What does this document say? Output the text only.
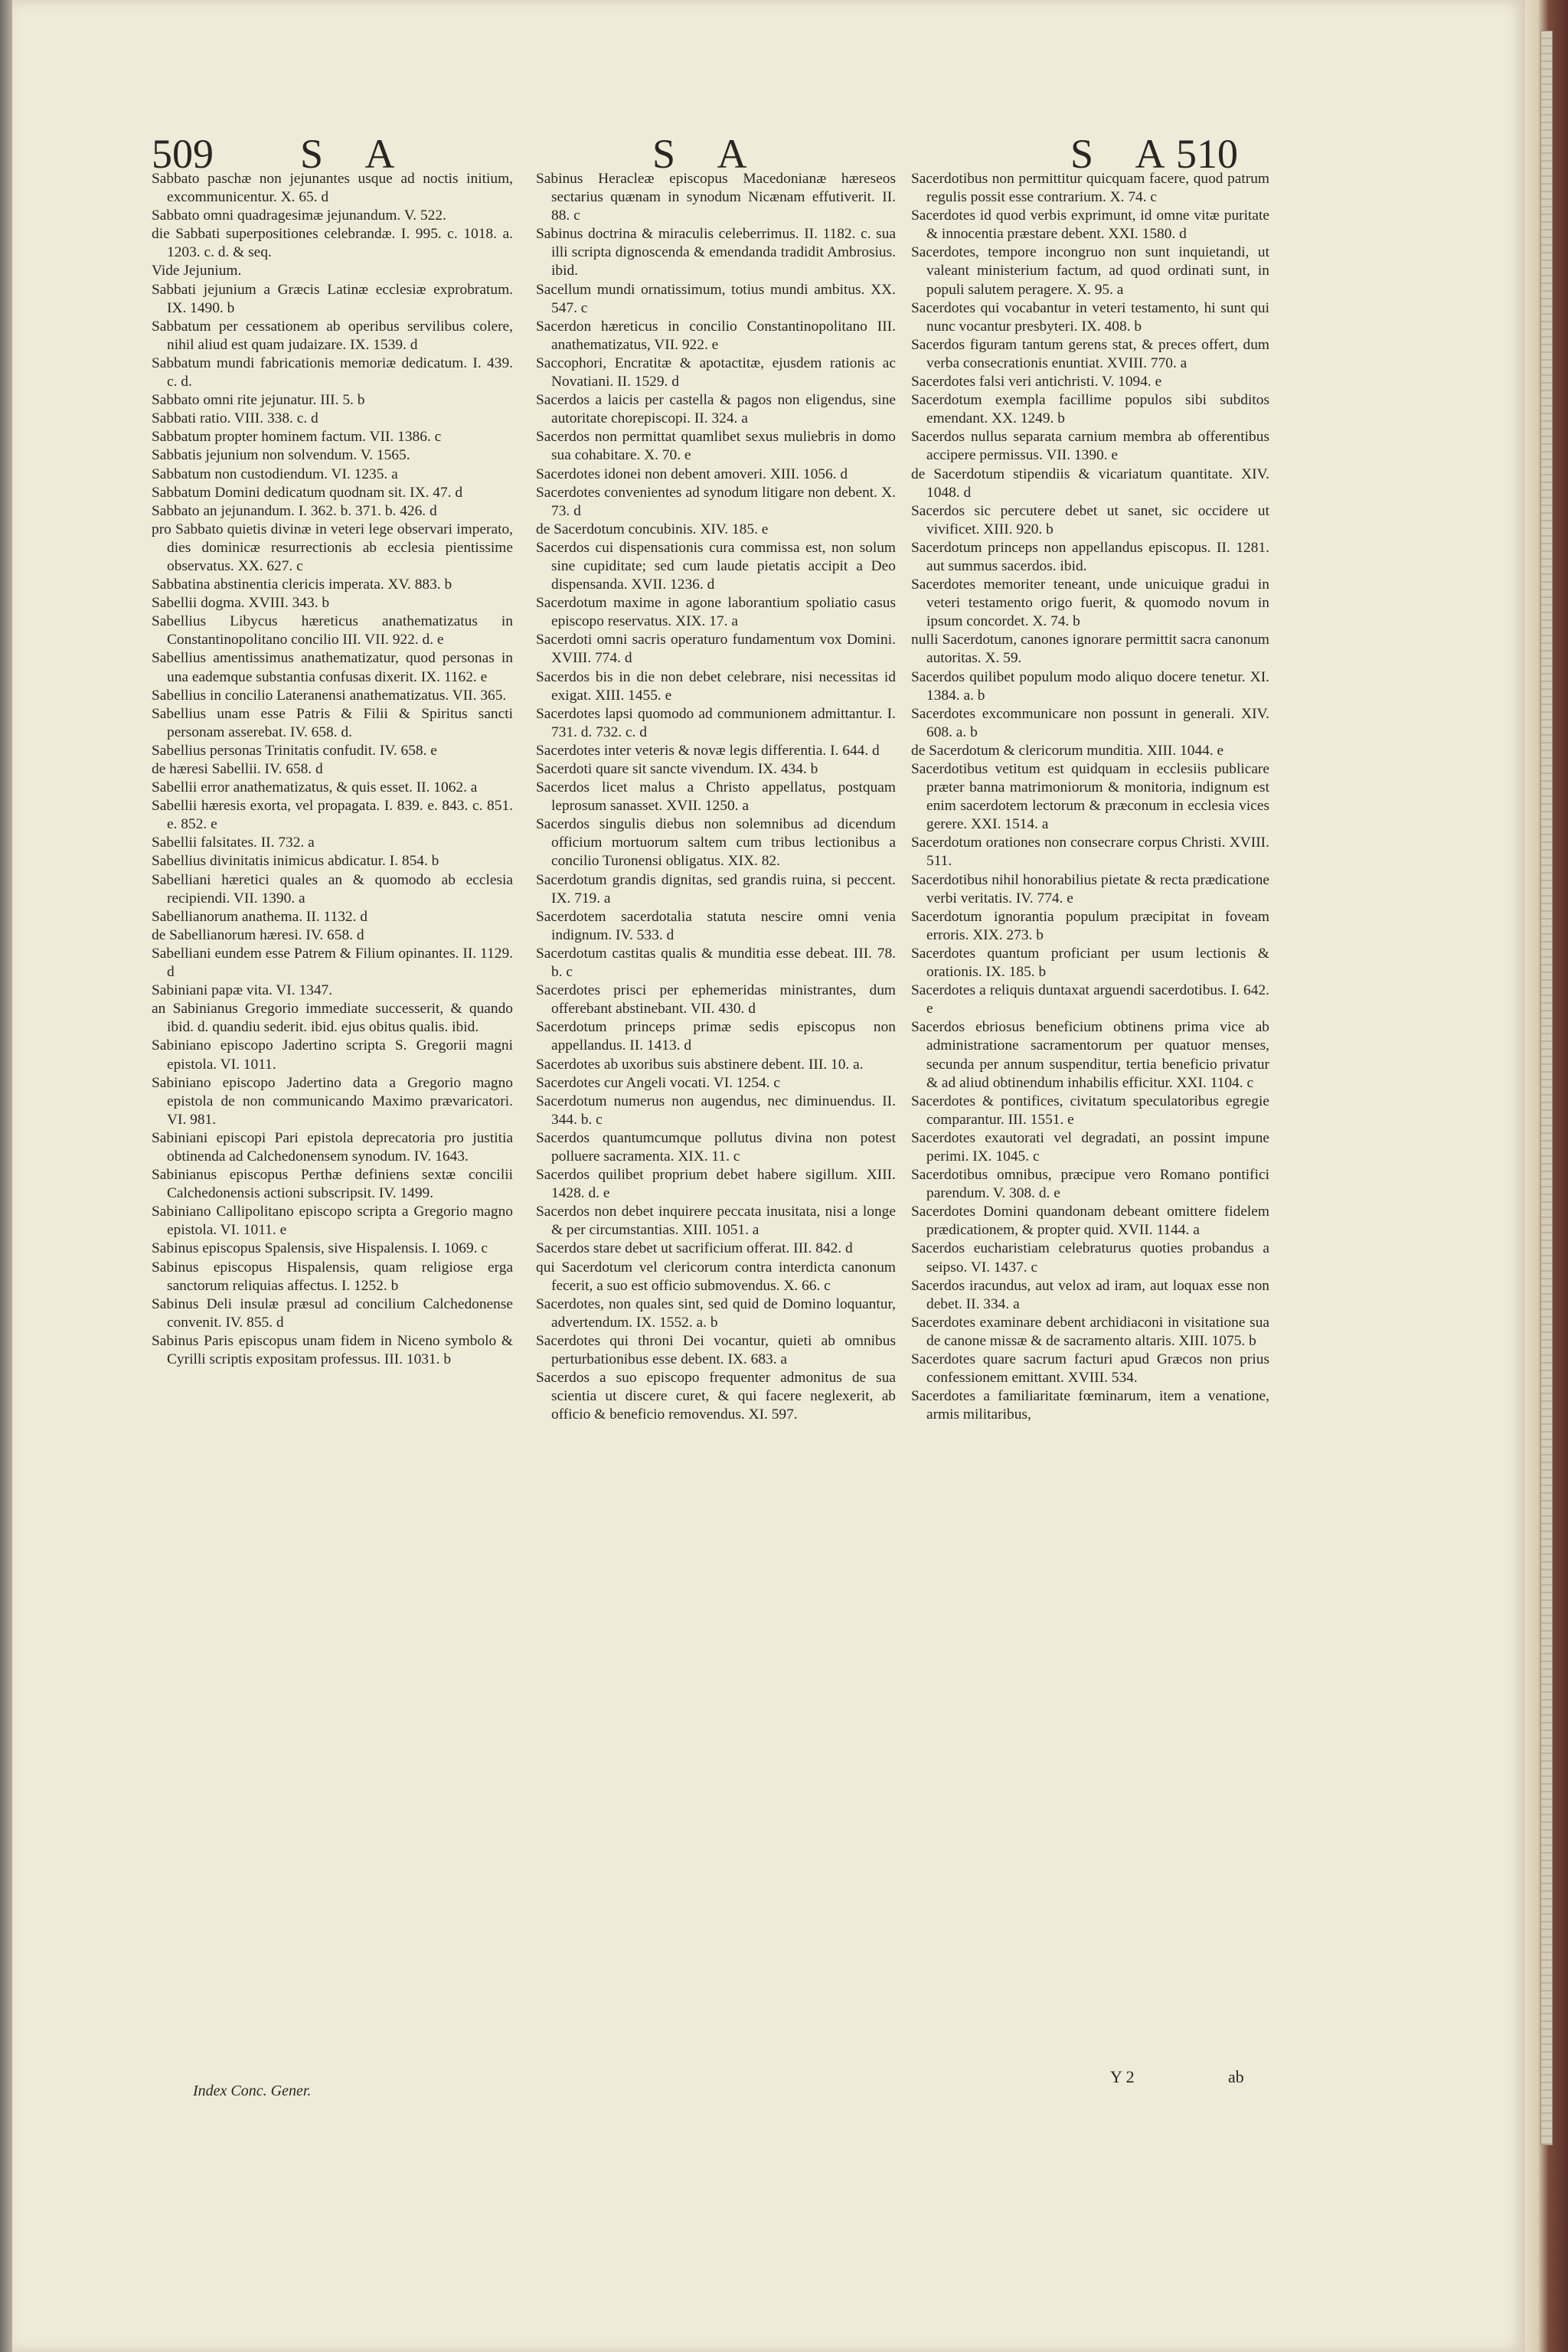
509 S A	S A	S A
510

Sabbato paschæ non jejunantes usque ad noctis initium, excommunicentur. X. 65. d

Sabbato omni quadragesimæ jejunandum. V. 522.

die Sabbati superpositiones celebrandæ. I. 995. c. 1018. a. 1203. c. d. & seq.

Vide Jejunium.

Sabbati jejunium a Græcis Latinæ ecclesiæ exprobratum. IX. 1490. b

Sabbatum per cessationem ab operibus servilibus colere, nihil aliud est quam judaizare. IX. 1539. d

Sabbatum mundi fabricationis memoriæ dedicatum. I. 439. c. d.

Sabbato omni rite jejunatur. III. 5. b

Sabbati ratio. VIII. 338. c. d

Sabbatum propter hominem factum. VII. 1386. c

Sabbatis jejunium non solvendum. V. 1565.

Sabbatum non custodiendum. VI. 1235. a

Sabbatum Domini dedicatum quodnam sit. IX. 47. d

Sabbato an jejunandum. I. 362. b. 371. b. 426. d

pro Sabbato quietis divinæ in veteri lege observari imperato, dies dominicæ resurrectionis ab ecclesia pientissime observatus. XX. 627. c

Sabbatina abstinentia clericis imperata. XV. 883. b

Sabellii dogma. XVIII. 343. b

Sabellius Libycus hæreticus anathematizatus in Constantinopolitano concilio III. VII. 922. d. e

Sabellius amentissimus anathematizatur, quod personas in una eademque substantia confusas dixerit. IX. 1162. e

Sabellius in concilio Lateranensi anathematizatus. VII. 365.

Sabellius unam esse Patris & Filii & Spiritus sancti personam asserebat. IV. 658. d.

Sabellius personas Trinitatis confudit. IV. 658. e

de hæresi Sabellii. IV. 658. d

Sabellii error anathematizatus, & quis esset. II. 1062. a

Sabellii hæresis exorta, vel propagata. I. 839. e. 843. c. 851. e. 852. e

Sabellii falsitates. II. 732. a

Sabellius divinitatis inimicus abdicatur. I. 854. b

Sabelliani hæretici quales an & quomodo ab ecclesia recipiendi. VII. 1390. a

Sabellianorum anathema. II. 1132. d

de Sabellianorum hæresi. IV. 658. d

Sabelliani eundem esse Patrem & Filium opinantes. II. 1129. d

Sabiniani papæ vita. VI. 1347.

an Sabinianus Gregorio immediate successerit, & quando ibid. d. quandiu sederit. ibid. ejus obitus qualis. ibid.

Sabiniano episcopo Jadertino scripta S. Gregorii magni epistola. VI. 1011.

Sabiniano episcopo Jadertino data a Gregorio magno epistola de non communicando Maximo prævaricatori. VI. 981.

Sabiniani episcopi Pari epistola deprecatoria pro justitia obtinenda ad Calchedonensem synodum. IV. 1643.

Sabinianus episcopus Perthæ definiens sextæ concilii Calchedonensis actioni subscripsit. IV. 1499.

Sabiniano Callipolitano episcopo scripta a Gregorio magno epistola. VI. 1011. e

Sabinus episcopus Spalensis, sive Hispalensis. I. 1069. c

Sabinus episcopus Hispalensis, quam religiose erga sanctorum reliquias affectus. I. 1252. b

Sabinus Deli insulæ præsul ad concilium Calchedonense convenit. IV. 855. d

Sabinus Paris episcopus unam fidem in Niceno symbolo & Cyrilli scriptis expositam professus. III. 1031. b

Sabinus Heracleæ episcopus Macedonianæ hæreseos sectarius quænam in synodum Nicænam effutiverit. II. 88. c

Sabinus doctrina & miraculis celeberrimus. II. 1182. c. sua illi scripta dignoscenda & emendanda tradidit Ambrosius. ibid.

Sacellum mundi ornatissimum, totius mundi ambitus. XX. 547. c

Sacerdon hæreticus in concilio Constantinopolitano III. anathematizatus, VII. 922. e

Saccophori, Encratitæ & apotactitæ, ejusdem rationis ac Novatiani. II. 1529. d

Sacerdos a laicis per castella & pagos non eligendus, sine autoritate chorepiscopi. II. 324. a

Sacerdos non permittat quamlibet sexus muliebris in domo sua cohabitare. X. 70. e

Sacerdotes idonei non debent amoveri. XIII. 1056. d

Sacerdotes convenientes ad synodum litigare non debent. X. 73. d

de Sacerdotum concubinis. XIV. 185. e

Sacerdos cui dispensationis cura commissa est, non solum sine cupiditate; sed cum laude pietatis accipit a Deo dispensanda. XVII. 1236. d

Sacerdotum maxime in agone laborantium spoliatio casus episcopo reservatus. XIX. 17. a

Sacerdoti omni sacris operaturo fundamentum vox Domini. XVIII. 774. d

Sacerdos bis in die non debet celebrare, nisi necessitas id exigat. XIII. 1455. e

Sacerdotes lapsi quomodo ad communionem admittantur. I. 731. d. 732. c. d

Sacerdotes inter veteris & novæ legis differentia. I. 644. d

Sacerdoti quare sit sancte vivendum. IX. 434. b

Sacerdos licet malus a Christo appellatus, postquam leprosum sanasset. XVII. 1250. a

Sacerdos singulis diebus non solemnibus ad dicendum officium mortuorum saltem cum tribus lectionibus a concilio Turonensi obligatus. XIX. 82.

Sacerdotum grandis dignitas, sed grandis ruina, si peccent. IX. 719. a

Sacerdotem sacerdotalia statuta nescire omni venia indignum. IV. 533. d

Sacerdotum castitas qualis & munditia esse debeat. III. 78. b. c

Sacerdotes prisci per ephemeridas ministrantes, dum offerebant abstinebant. VII. 430. d

Sacerdotum princeps primæ sedis episcopus non appellandus. II. 1413. d

Sacerdotes ab uxoribus suis abstinere debent. III. 10. a.

Sacerdotes cur Angeli vocati. VI. 1254. c

Sacerdotum numerus non augendus, nec diminuendus. II. 344. b. c

Sacerdos quantumcumque pollutus divina non potest polluere sacramenta. XIX. 11. c

Sacerdos quilibet proprium debet habere sigillum. XIII. 1428. d. e

Sacerdos non debet inquirere peccata inusitata, nisi a longe & per circumstantias. XIII. 1051. a

Sacerdos stare debet ut sacrificium offerat. III. 842. d

qui Sacerdotum vel clericorum contra interdicta canonum fecerit, a suo est officio submovendus. X. 66. c

Sacerdotes, non quales sint, sed quid de Domino loquantur, advertendum. IX. 1552. a. b

Sacerdotes qui throni Dei vocantur, quieti ab omnibus perturbationibus esse debent. IX. 683. a

Sacerdos a suo episcopo frequenter admonitus de sua scientia ut discere curet, & qui facere neglexerit, ab officio & beneficio removendus. XI. 597.

Sacerdotibus non permittitur quicquam facere, quod patrum regulis possit esse contrarium. X. 74. c

Sacerdotes id quod verbis exprimunt, id omne vitæ puritate & innocentia præstare debent. XXI. 1580. d

Sacerdotes, tempore incongruo non sunt inquietandi, ut valeant ministerium factum, ad quod ordinati sunt, in populi salutem peragere. X. 95. a

Sacerdotes qui vocabantur in veteri testamento, hi sunt qui nunc vocantur presbyteri. IX. 408. b

Sacerdos figuram tantum gerens stat, & preces offert, dum verba consecrationis enuntiat. XVIII. 770. a

Sacerdotes falsi veri antichristi. V. 1094. e

Sacerdotum exempla facillime populos sibi subditos emendant. XX. 1249. b

Sacerdos nullus separata carnium membra ab offerentibus accipere permissus. VII. 1390. e

de Sacerdotum stipendiis & vicariatum quantitate. XIV. 1048. d

Sacerdos sic percutere debet ut sanet, sic occidere ut vivificet. XIII. 920. b

Sacerdotum princeps non appellandus episcopus. II. 1281. aut summus sacerdos. ibid.

Sacerdotes memoriter teneant, unde unicuique gradui in veteri testamento origo fuerit, & quomodo novum in ipsum concordet. X. 74. b

nulli Sacerdotum, canones ignorare permittit sacra canonum autoritas. X. 59.

Sacerdos quilibet populum modo aliquo docere tenetur. XI. 1384. a. b

Sacerdotes excommunicare non possunt in generali. XIV. 608. a. b

de Sacerdotum & clericorum munditia. XIII. 1044. e

Sacerdotibus vetitum est quidquam in ecclesiis publicare præter banna matrimoniorum & monitoria, indignum est enim sacerdotem lectorum & præconum in ecclesia vices gerere. XXI. 1514. a

Sacerdotum orationes non consecrare corpus Christi. XVIII. 511.

Sacerdotibus nihil honorabilius pietate & recta prædicatione verbi veritatis. IV. 774. e

Sacerdotum ignorantia populum præcipitat in foveam erroris. XIX. 273. b

Sacerdotes quantum proficiant per usum lectionis & orationis. IX. 185. b

Sacerdotes a reliquis duntaxat arguendi sacerdotibus. I. 642. e

Sacerdos ebriosus beneficium obtinens prima vice ab administratione sacramentorum per quatuor menses, secunda per annum suspenditur, tertia beneficio privatur & ad aliud obtinendum inhabilis efficitur. XXI. 1104. c

Sacerdotes & pontifices, civitatum speculatoribus egregie comparantur. III. 1551. e

Sacerdotes exautorati vel degradati, an possint impune perimi. IX. 1045. c

Sacerdotibus omnibus, præcipue vero Romano pontifici parendum. V. 308. d. e

Sacerdotes Domini quandonam debeant omittere fidelem prædicationem, & propter quid. XVII. 1144. a

Sacerdos eucharistiam celebraturus quoties probandus a seipso. VI. 1437. c

Sacerdos iracundus, aut velox ad iram, aut loquax esse non debet. II. 334. a

Sacerdotes examinare debent archidiaconi in visitatione sua de canone missæ & de sacramento altaris. XIII. 1075. b

Sacerdotes quare sacrum facturi apud Græcos non prius confessionem emittant. XVIII. 534.

Sacerdotes a familiaritate fœminarum, item a venatione, armis militaribus,

Index Conc. Gener.
Y 2	ab
